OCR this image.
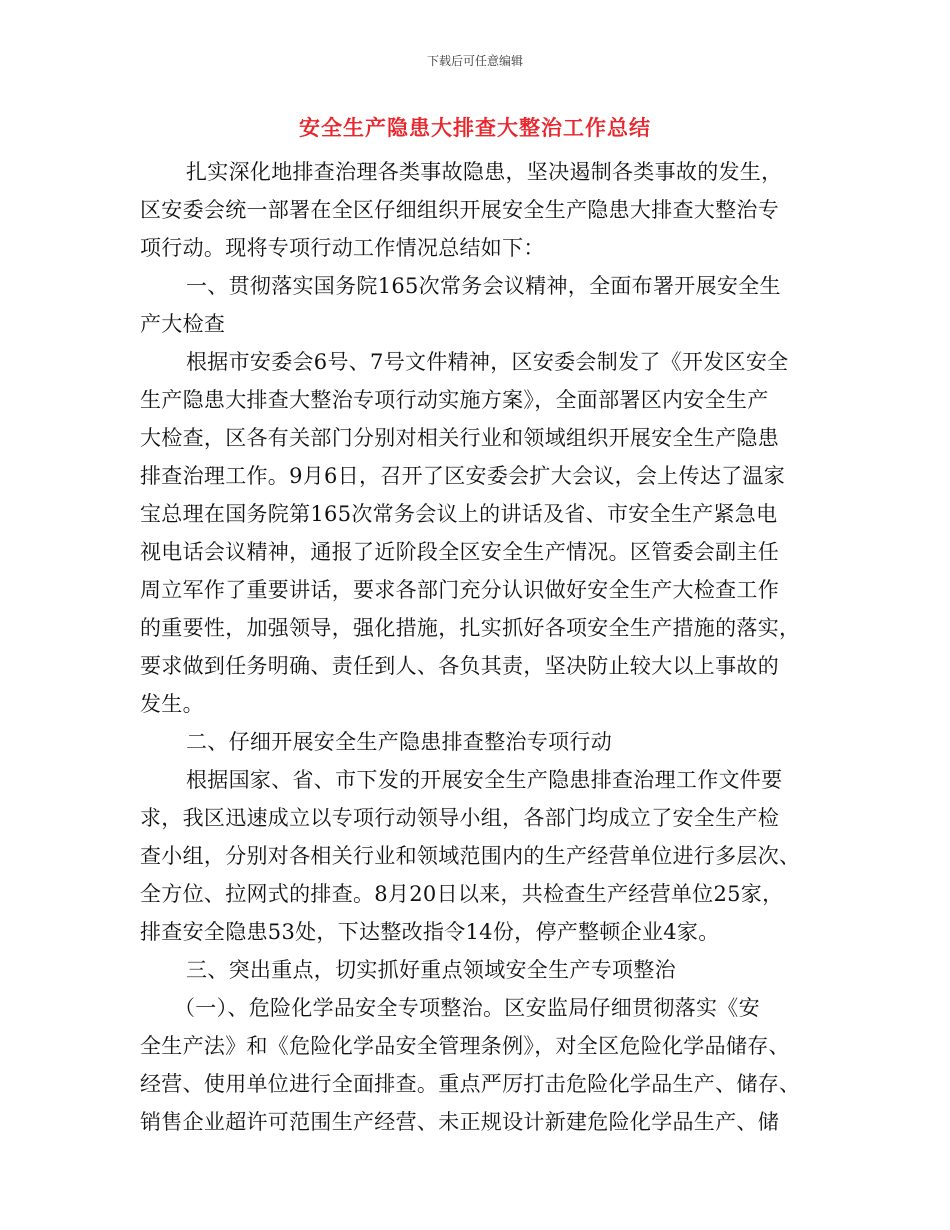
下载后可任意编辑
安全生产隐患大排查大整治工作总结
扎实深化地排查治理各类事故隐患，坚决遏制各类事故的发生，
区安委会统一部署在全区仔细组织开展安全生产隐患大排查大整治专
项行动。现将专项行动工作情况总结如下：
一、贯彻落实国务院165次常务会议精神，全面布署开展安全生
产大检查
根据市安委会6号、7号文件精神，区安委会制发了《开发区安全
生产隐患大排查大整治专项行动实施方案》，全面部署区内安全生产
大检查，区各有关部门分别对相关行业和领域组织开展安全生产隐患
排查治理工作。9月6日，召开了区安委会扩大会议，会上传达了温家
宝总理在国务院第165次常务会议上的讲话及省、市安全生产紧急电
视电话会议精神，通报了近阶段全区安全生产情况。区管委会副主任
周立军作了重要讲话，要求各部门充分认识做好安全生产大检查工作
的重要性，加强领导，强化措施，扎实抓好各项安全生产措施的落实，
要求做到任务明确、责任到人、各负其责，坚决防止较大以上事故的
发生。
二、仔细开展安全生产隐患排查整治专项行动
根据国家、省、市下发的开展安全生产隐患排查治理工作文件要
求，我区迅速成立以专项行动领导小组，各部门均成立了安全生产检
查小组，分别对各相关行业和领域范围内的生产经营单位进行多层次、
全方位、拉网式的排查。8月20日以来，共检查生产经营单位25家，
排查安全隐患53处，下达整改指令14份，停产整顿企业4家。
三、突出重点，切实抓好重点领域安全生产专项整治
（一）、危险化学品安全专项整治。区安监局仔细贯彻落实《安
全生产法》和《危险化学品安全管理条例》，对全区危险化学品储存、
经营、使用单位进行全面排查。重点严厉打击危险化学品生产、储存、
销售企业超许可范围生产经营、未正规设计新建危险化学品生产、储
